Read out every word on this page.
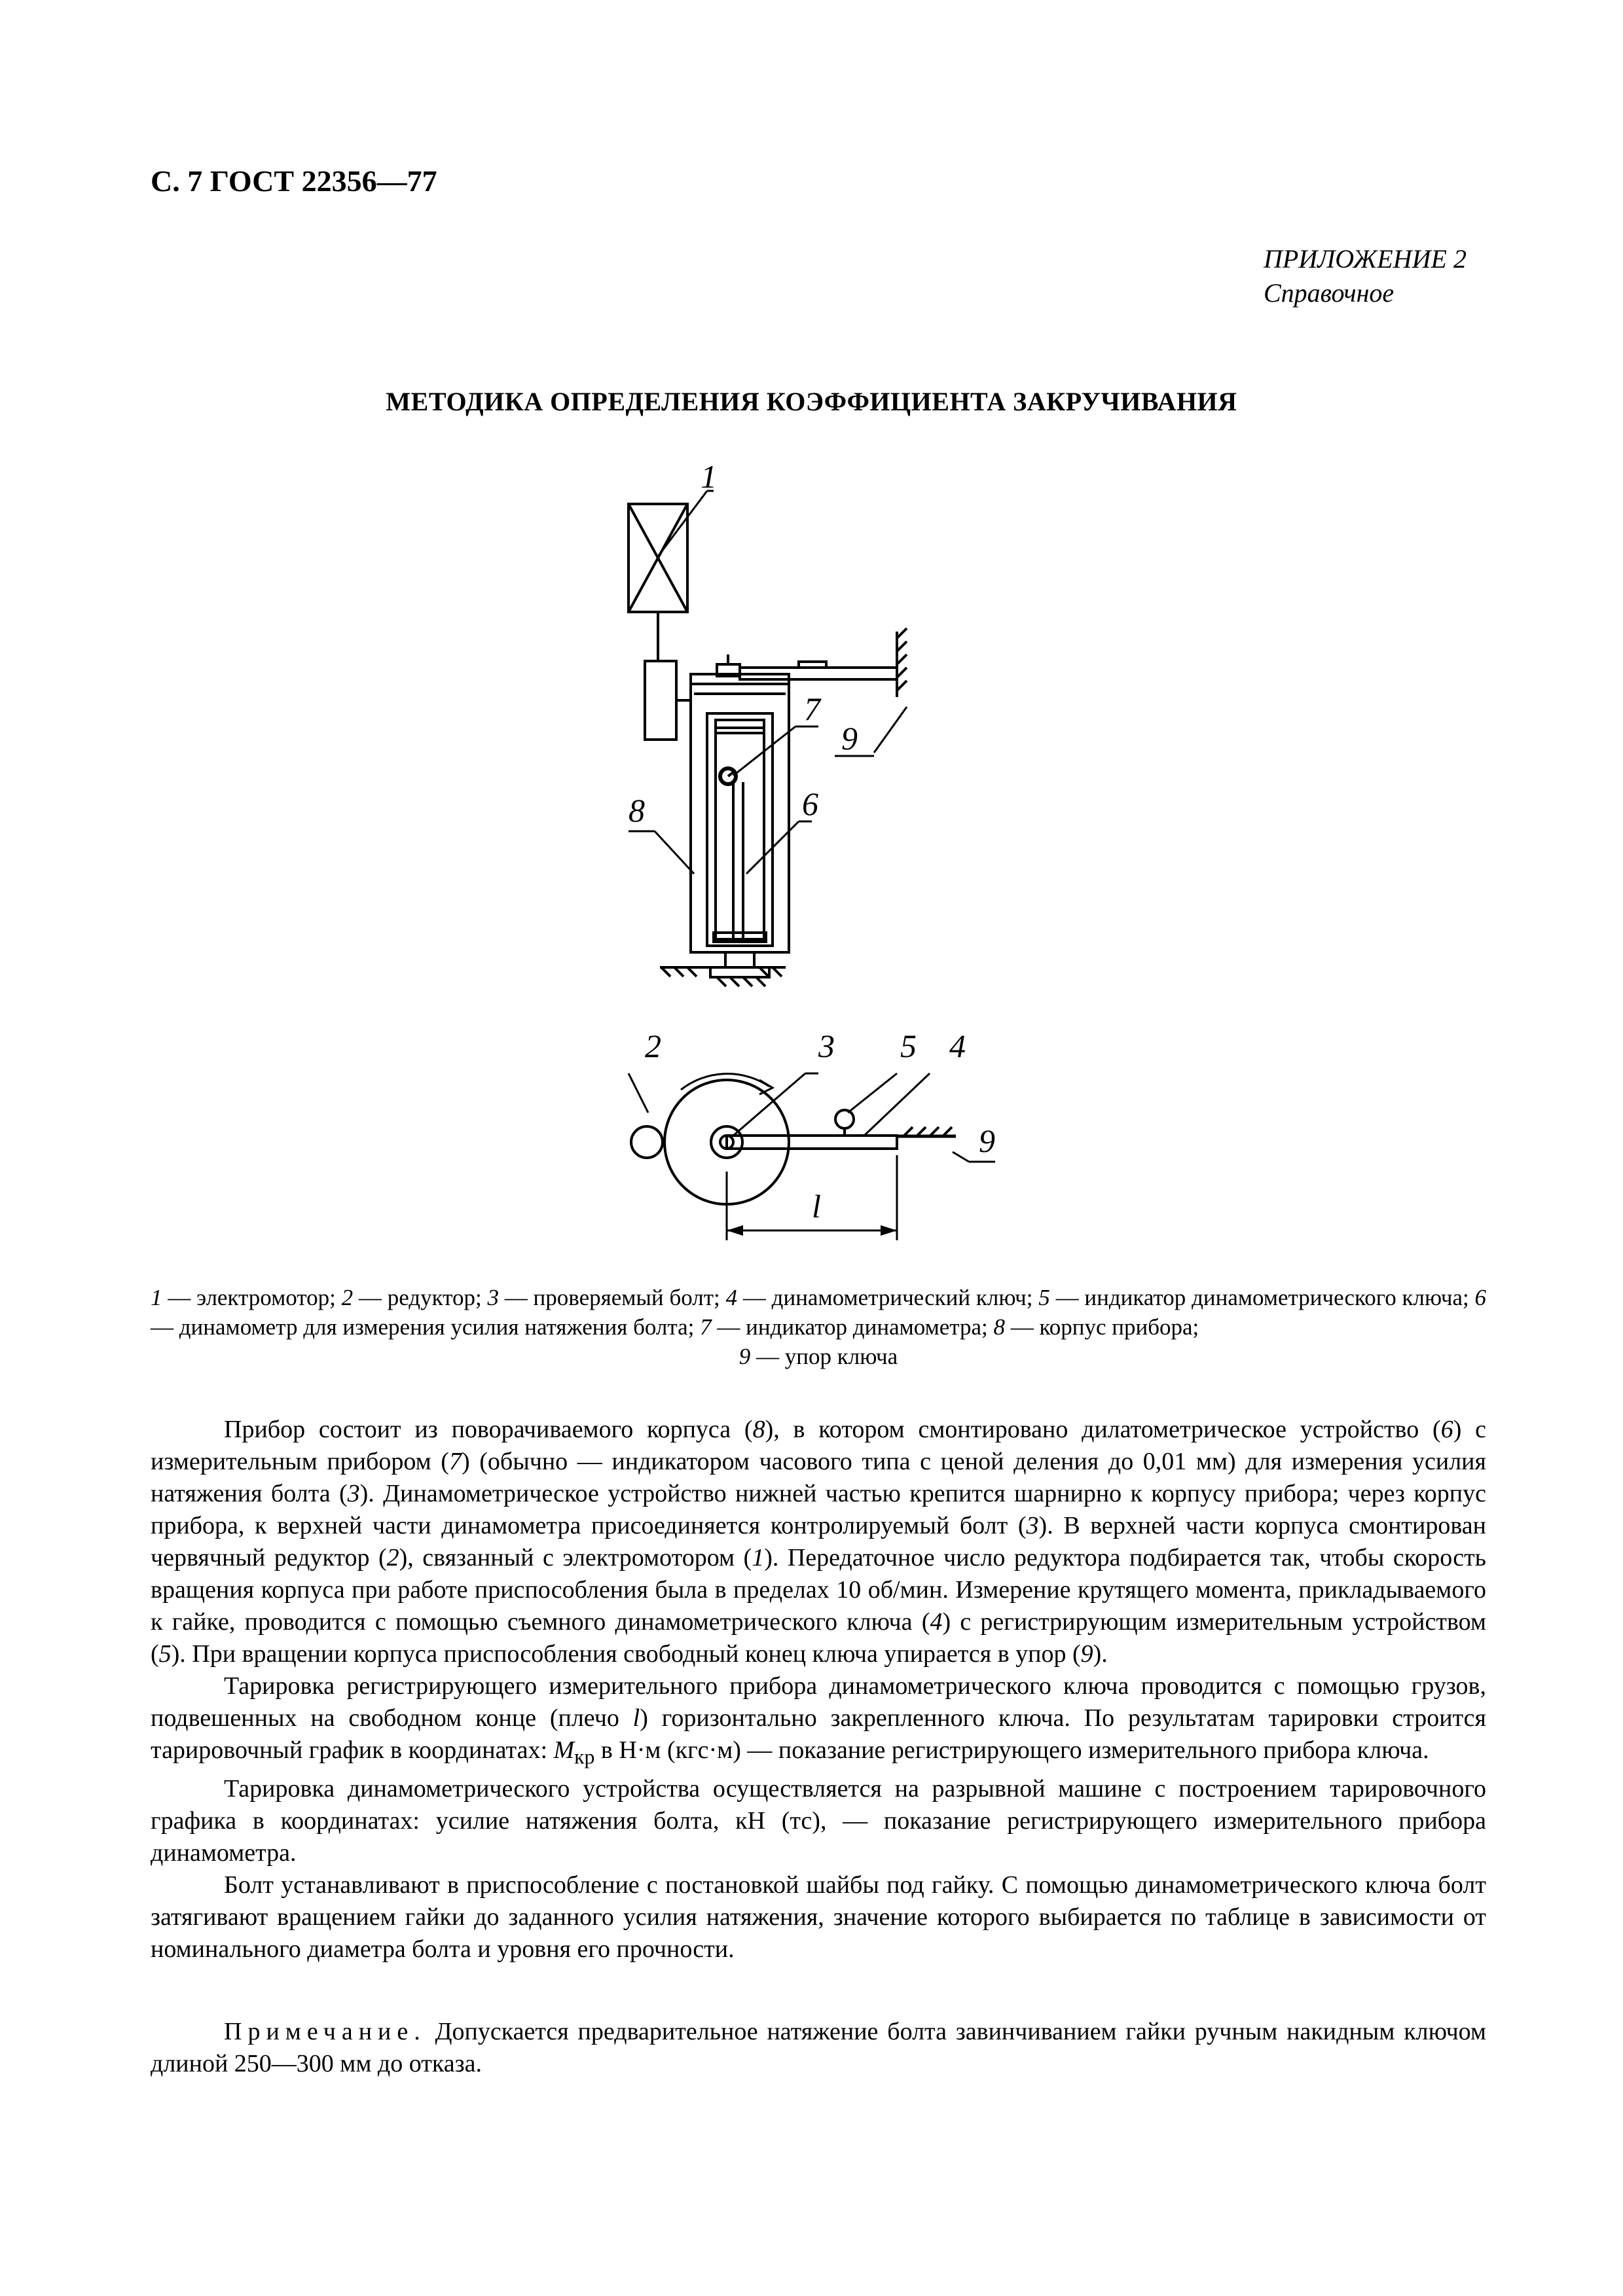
С. 7 ГОСТ 22356—77
ПРИЛОЖЕНИЕ 2
Справочное
МЕТОДИКА ОПРЕДЕЛЕНИЯ КОЭФФИЦИЕНТА ЗАКРУЧИВАНИЯ
1
7
9
8	6
2	3 5 4
9
l
1 — электромотор; 2 — редуктор; 3 — проверяемый болт; 4 — динамометрический ключ; 5 — индикатор динамометрического ключа; 6 — динамометр для измерения усилия натяжения болта; 7 — индикатор динамометра; 8 — корпус прибора;
9 — упор ключа

Прибор состоит из поворачиваемого корпуса (8), в котором смонтировано дилатометрическое устройство (6) с измерительным прибором (7) (обычно — индикатором часового типа с ценой деления до 0,01 мм) для измерения усилия натяжения болта (3). Динамометрическое устройство нижней частью крепится шарнирно к корпусу прибора; через корпус прибора, к верхней части динамометра присоединяется контролируемый болт (3). В верхней части корпуса смонтирован червячный редуктор (2), связанный с электромотором (1). Передаточное число редуктора подбирается так, чтобы скорость вращения корпуса при работе приспособления была в пределах 10 об/мин. Измерение крутящего момента, прикладываемого к гайке, проводится с помощью съемного динамометрического ключа (4) с регистрирующим измерительным устройством (5). При вращении корпуса приспособления свободный конец ключа упирается в упор (9).

Тарировка регистрирующего измерительного прибора динамометрического ключа проводится с помощью грузов, подвешенных на свободном конце (плечо l) горизонтально закрепленного ключа. По результатам тарировки строится тарировочный график в координатах: $M_{кр}$ в Н·м (кгс·м) — показание регистрирующего измерительного прибора ключа.

Тарировка динамометрического устройства осуществляется на разрывной машине с построением тарировочного графика в координатах: усилие натяжения болта, кН (тс), — показание регистрирующего измерительного прибора динамометра.

Болт устанавливают в приспособление с постановкой шайбы под гайку. С помощью динамометрического ключа болт затягивают вращением гайки до заданного усилия натяжения, значение которого выбирается по таблице в зависимости от номинального диаметра болта и уровня его прочности.

Примечание. Допускается предварительное натяжение болта завинчиванием гайки ручным накидным ключом длиной 250—300 мм до отказа.
